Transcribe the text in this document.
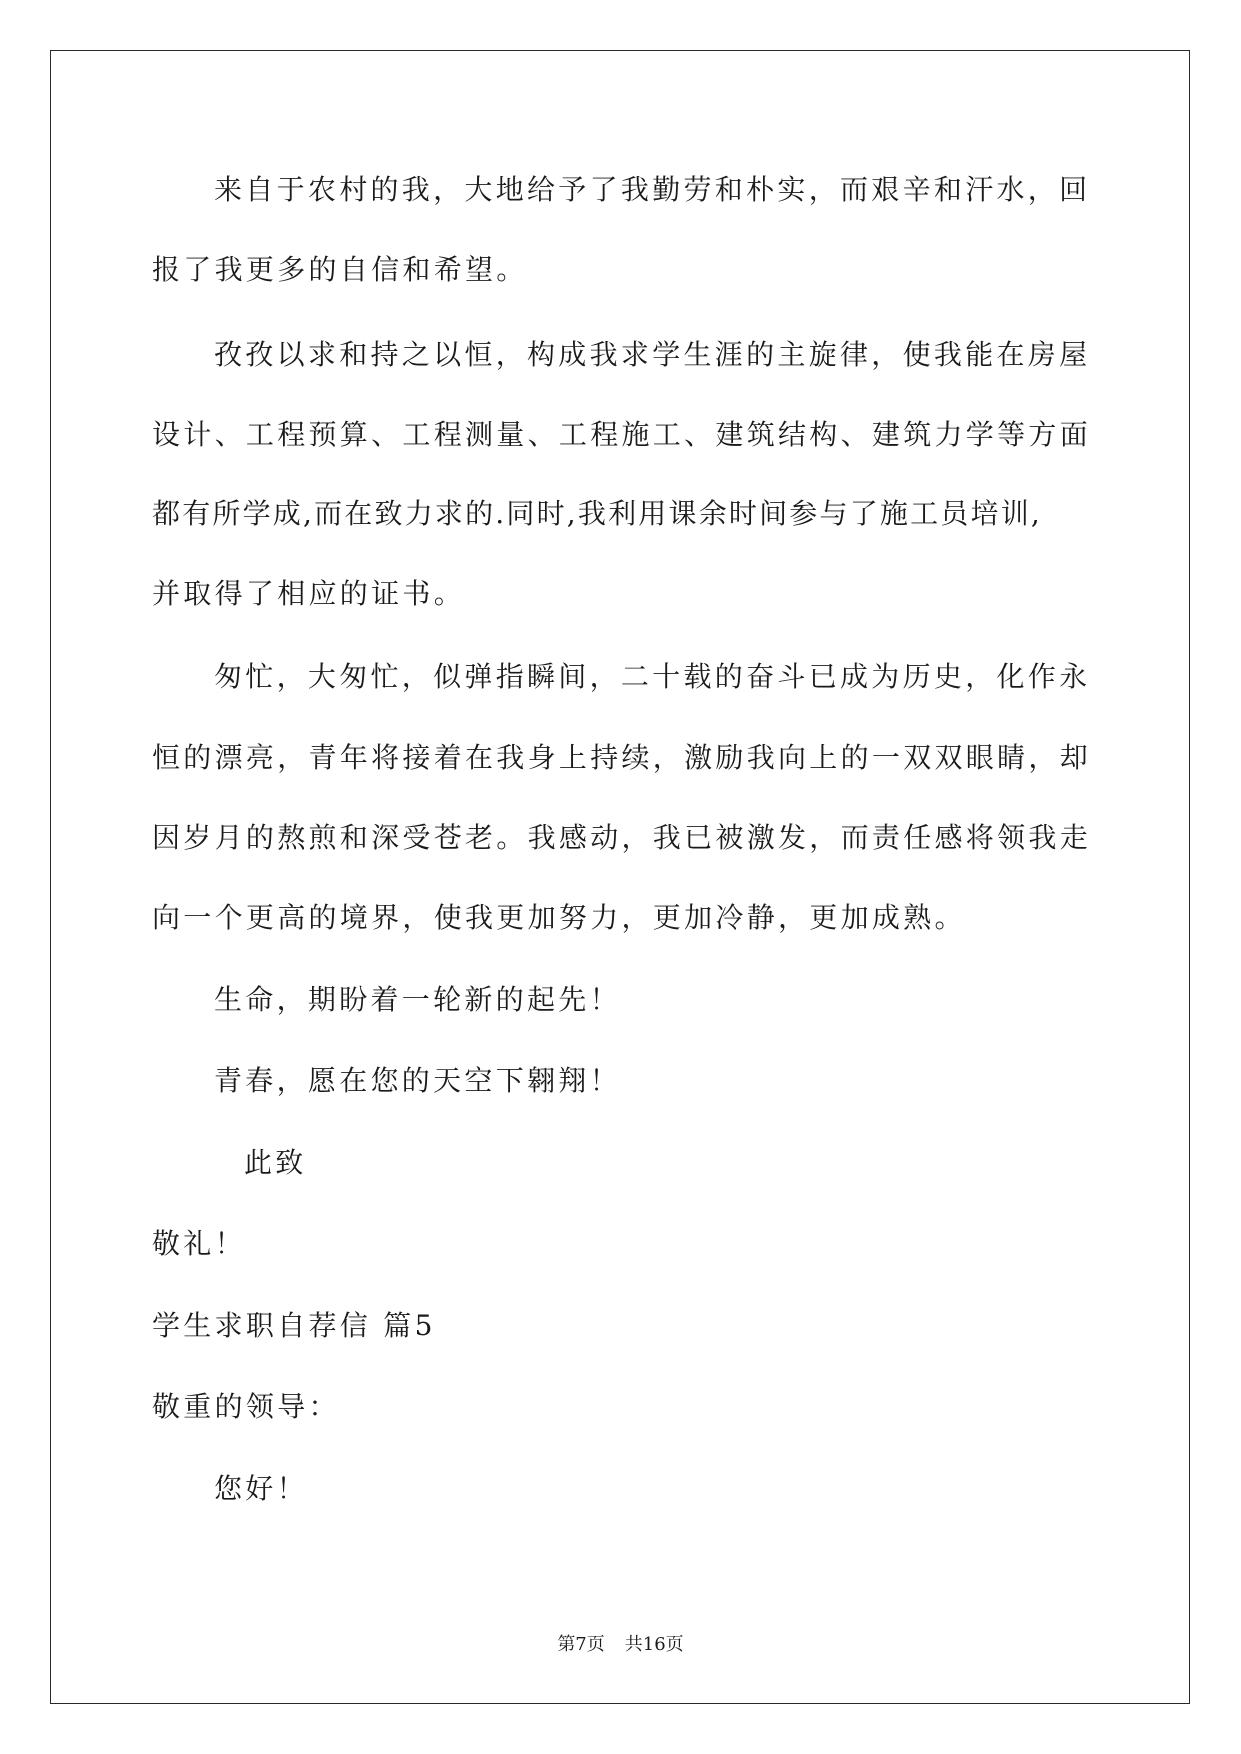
来自于农村的我，大地给予了我勤劳和朴实，而艰辛和汗水，回
报了我更多的自信和希望。
孜孜以求和持之以恒，构成我求学生涯的主旋律，使我能在房屋
设计、工程预算、工程测量、工程施工、建筑结构、建筑力学等方面
都有所学成,而在致力求的.同时,我利用课余时间参与了施工员培训,
并取得了相应的证书。
匆忙，大匆忙，似弹指瞬间，二十载的奋斗已成为历史，化作永
恒的漂亮，青年将接着在我身上持续，激励我向上的一双双眼睛，却
因岁月的熬煎和深受苍老。我感动，我已被激发，而责任感将领我走
向一个更高的境界，使我更加努力，更加冷静，更加成熟。
生命，期盼着一轮新的起先！
青春，愿在您的天空下翱翔！
此致
敬礼！
学生求职自荐信 篇5
敬重的领导：
您好！
第7页 共16页
